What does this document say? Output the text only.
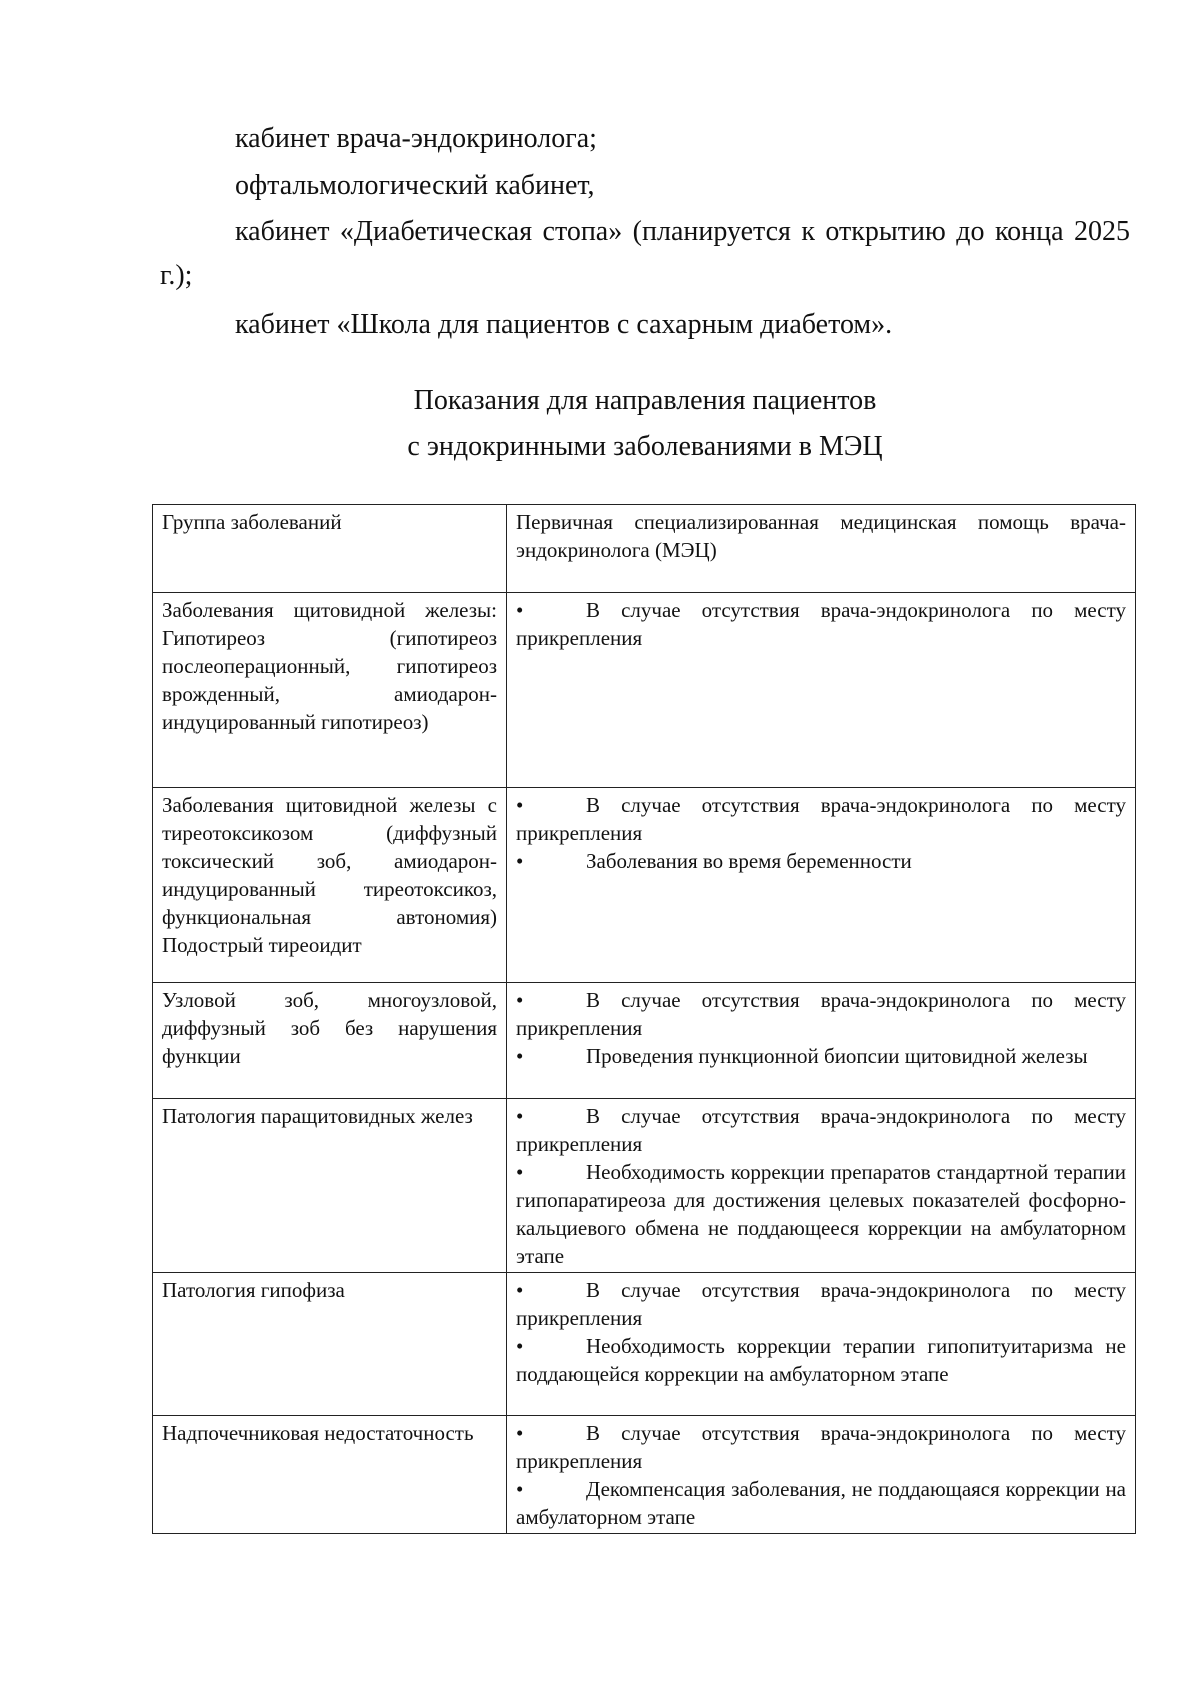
кабинет врача-эндокринолога;

офтальмологический кабинет,

кабинет «Диабетическая стопа» (планируется к открытию до конца 2025 г.);

кабинет «Школа для пациентов с сахарным диабетом».

Показания для направления пациентов

с эндокринными заболеваниями в МЭЦ

Группа заболеваний	Первичная специализированная медицинская помощь врача-эндокринолога (МЭЦ)
Заболевания щитовидной железы: Гипотиреоз (гипотиреоз послеоперационный, гипотиреоз врожденный, амиодарон-индуцированный гипотиреоз)	• В случае отсутствия врача-эндокринолога по месту прикрепления

Заболевания щитовидной железы с тиреотоксикозом (диффузный токсический зоб, амиодарон-индуцированный тиреотоксикоз, функциональная автономия) Подострый тиреоидит	• В случае отсутствия врача-эндокринолога по месту прикрепления
• Заболевания во время беременности

Узловой зоб, многоузловой, диффузный зоб без нарушения функции	• В случае отсутствия врача-эндокринолога по месту прикрепления
• Проведения пункционной биопсии щитовидной железы

Патология паращитовидных желез	• В случае отсутствия врача-эндокринолога по месту прикрепления
• Необходимость коррекции препаратов стандартной терапии гипопаратиреоза для достижения целевых показателей фосфорно-кальциевого обмена не поддающееся коррекции на амбулаторном этапе

Патология гипофиза	• В случае отсутствия врача-эндокринолога по месту прикрепления
• Необходимость коррекции терапии гипопитуитаризма не поддающейся коррекции на амбулаторном этапе

Надпочечниковая недостаточность	• В случае отсутствия врача-эндокринолога по месту прикрепления
• Декомпенсация заболевания, не поддающаяся коррекции на амбулаторном этапе
